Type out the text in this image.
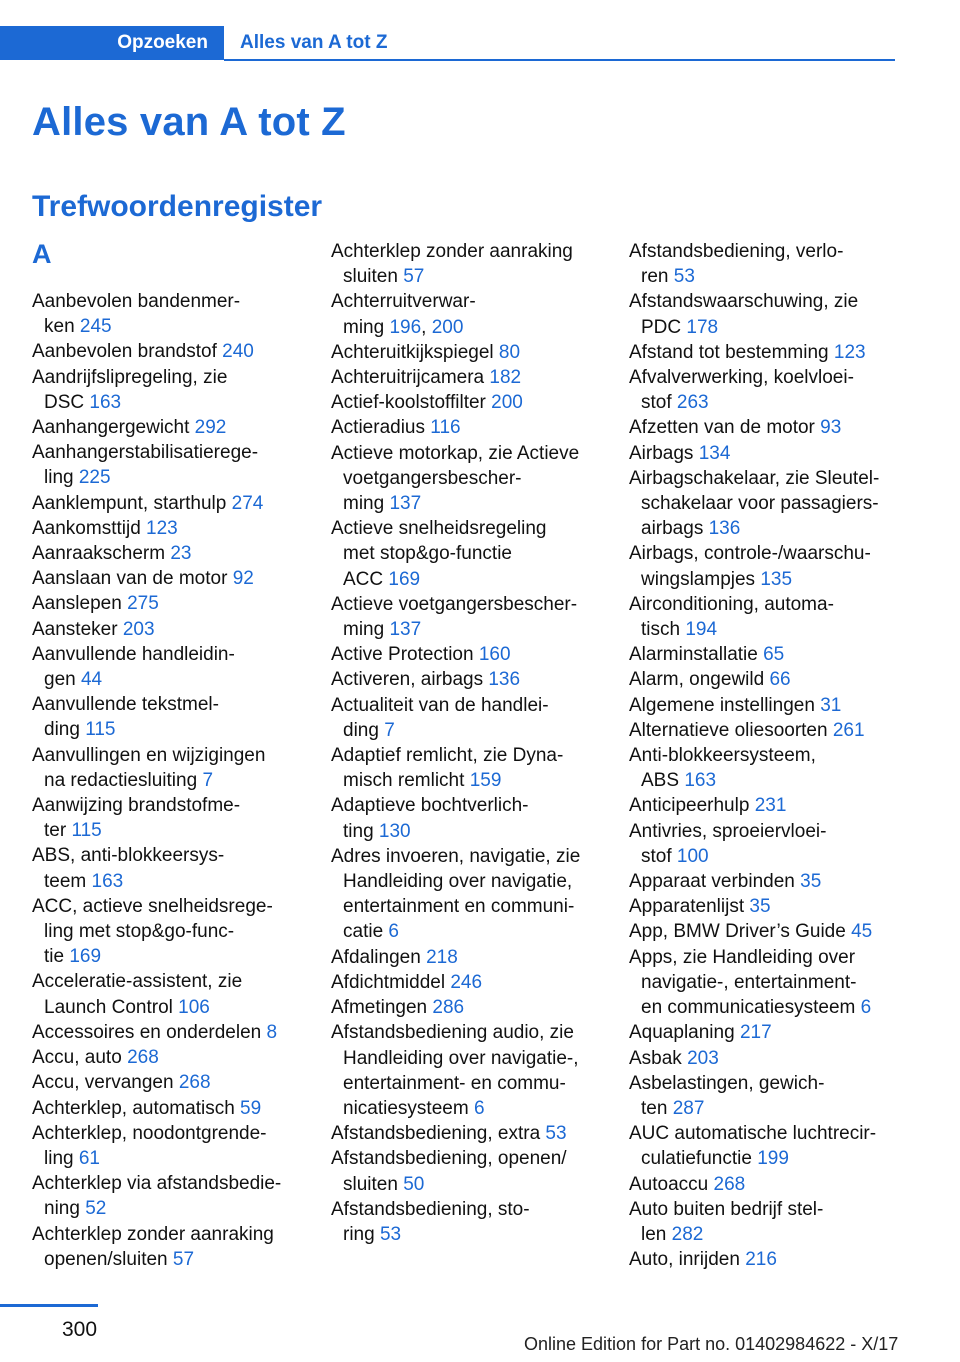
Opzoeken Alles van A tot Z
Alles van A tot Z
Trefwoordenregister
A
Aanbevolen bandenmer-
ken 245
Aanbevolen brandstof 240
Aandrijfslipregeling, zie
DSC 163
Aanhangergewicht 292
Aanhangerstabilisatierege-
ling 225
Aanklempunt, starthulp 274
Aankomsttijd 123
Aanraakscherm 23
Aanslaan van de motor 92
Aanslepen 275
Aansteker 203
Aanvullende handleidin-
gen 44
Aanvullende tekstmel-
ding 115
Aanvullingen en wijzigingen
na redactiesluiting 7
Aanwijzing brandstofme-
ter 115
ABS, anti-blokkeersys-
teem 163
ACC, actieve snelheidsrege-
ling met stop&go-func-
tie 169
Acceleratie-assistent, zie
Launch Control 106
Accessoires en onderdelen 8
Accu, auto 268
Accu, vervangen 268
Achterklep, automatisch 59
Achterklep, noodontgrende-
ling 61
Achterklep via afstandsbedie-
ning 52
Achterklep zonder aanraking
openen/sluiten 57
Achterklep zonder aanraking
sluiten 57
Achterruitverwar-
ming 196, 200
Achteruitkijkspiegel 80
Achteruitrijcamera 182
Actief-koolstoffilter 200
Actieradius 116
Actieve motorkap, zie Actieve
voetgangersbescher-
ming 137
Actieve snelheidsregeling
met stop&go-functie
ACC 169
Actieve voetgangersbescher-
ming 137
Active Protection 160
Activeren, airbags 136
Actualiteit van de handlei-
ding 7
Adaptief remlicht, zie Dyna-
misch remlicht 159
Adaptieve bochtverlich-
ting 130
Adres invoeren, navigatie, zie
Handleiding over navigatie,
entertainment en communi-
catie 6
Afdalingen 218
Afdichtmiddel 246
Afmetingen 286
Afstandsbediening audio, zie
Handleiding over navigatie-,
entertainment- en commu-
nicatiesysteem 6
Afstandsbediening, extra 53
Afstandsbediening, openen/
sluiten 50
Afstandsbediening, sto-
ring 53
Afstandsbediening, verlo-
ren 53
Afstandswaarschuwing, zie
PDC 178
Afstand tot bestemming 123
Afvalverwerking, koelvloei-
stof 263
Afzetten van de motor 93
Airbags 134
Airbagschakelaar, zie Sleutel-
schakelaar voor passagiers-
airbags 136
Airbags, controle-/waarschu-
wingslampjes 135
Airconditioning, automa-
tisch 194
Alarminstallatie 65
Alarm, ongewild 66
Algemene instellingen 31
Alternatieve oliesoorten 261
Anti-blokkeersysteem,
ABS 163
Anticipeerhulp 231
Antivries, sproeiervloei-
stof 100
Apparaat verbinden 35
Apparatenlijst 35
App, BMW Driver’s Guide 45
Apps, zie Handleiding over
navigatie-, entertainment-
en communicatiesysteem 6
Aquaplaning 217
Asbak 203
Asbelastingen, gewich-
ten 287
AUC automatische luchtrecir-
culatiefunctie 199
Autoaccu 268
Auto buiten bedrijf stel-
len 282
Auto, inrijden 216
300
Online Edition for Part no. 01402984622 - X/17
